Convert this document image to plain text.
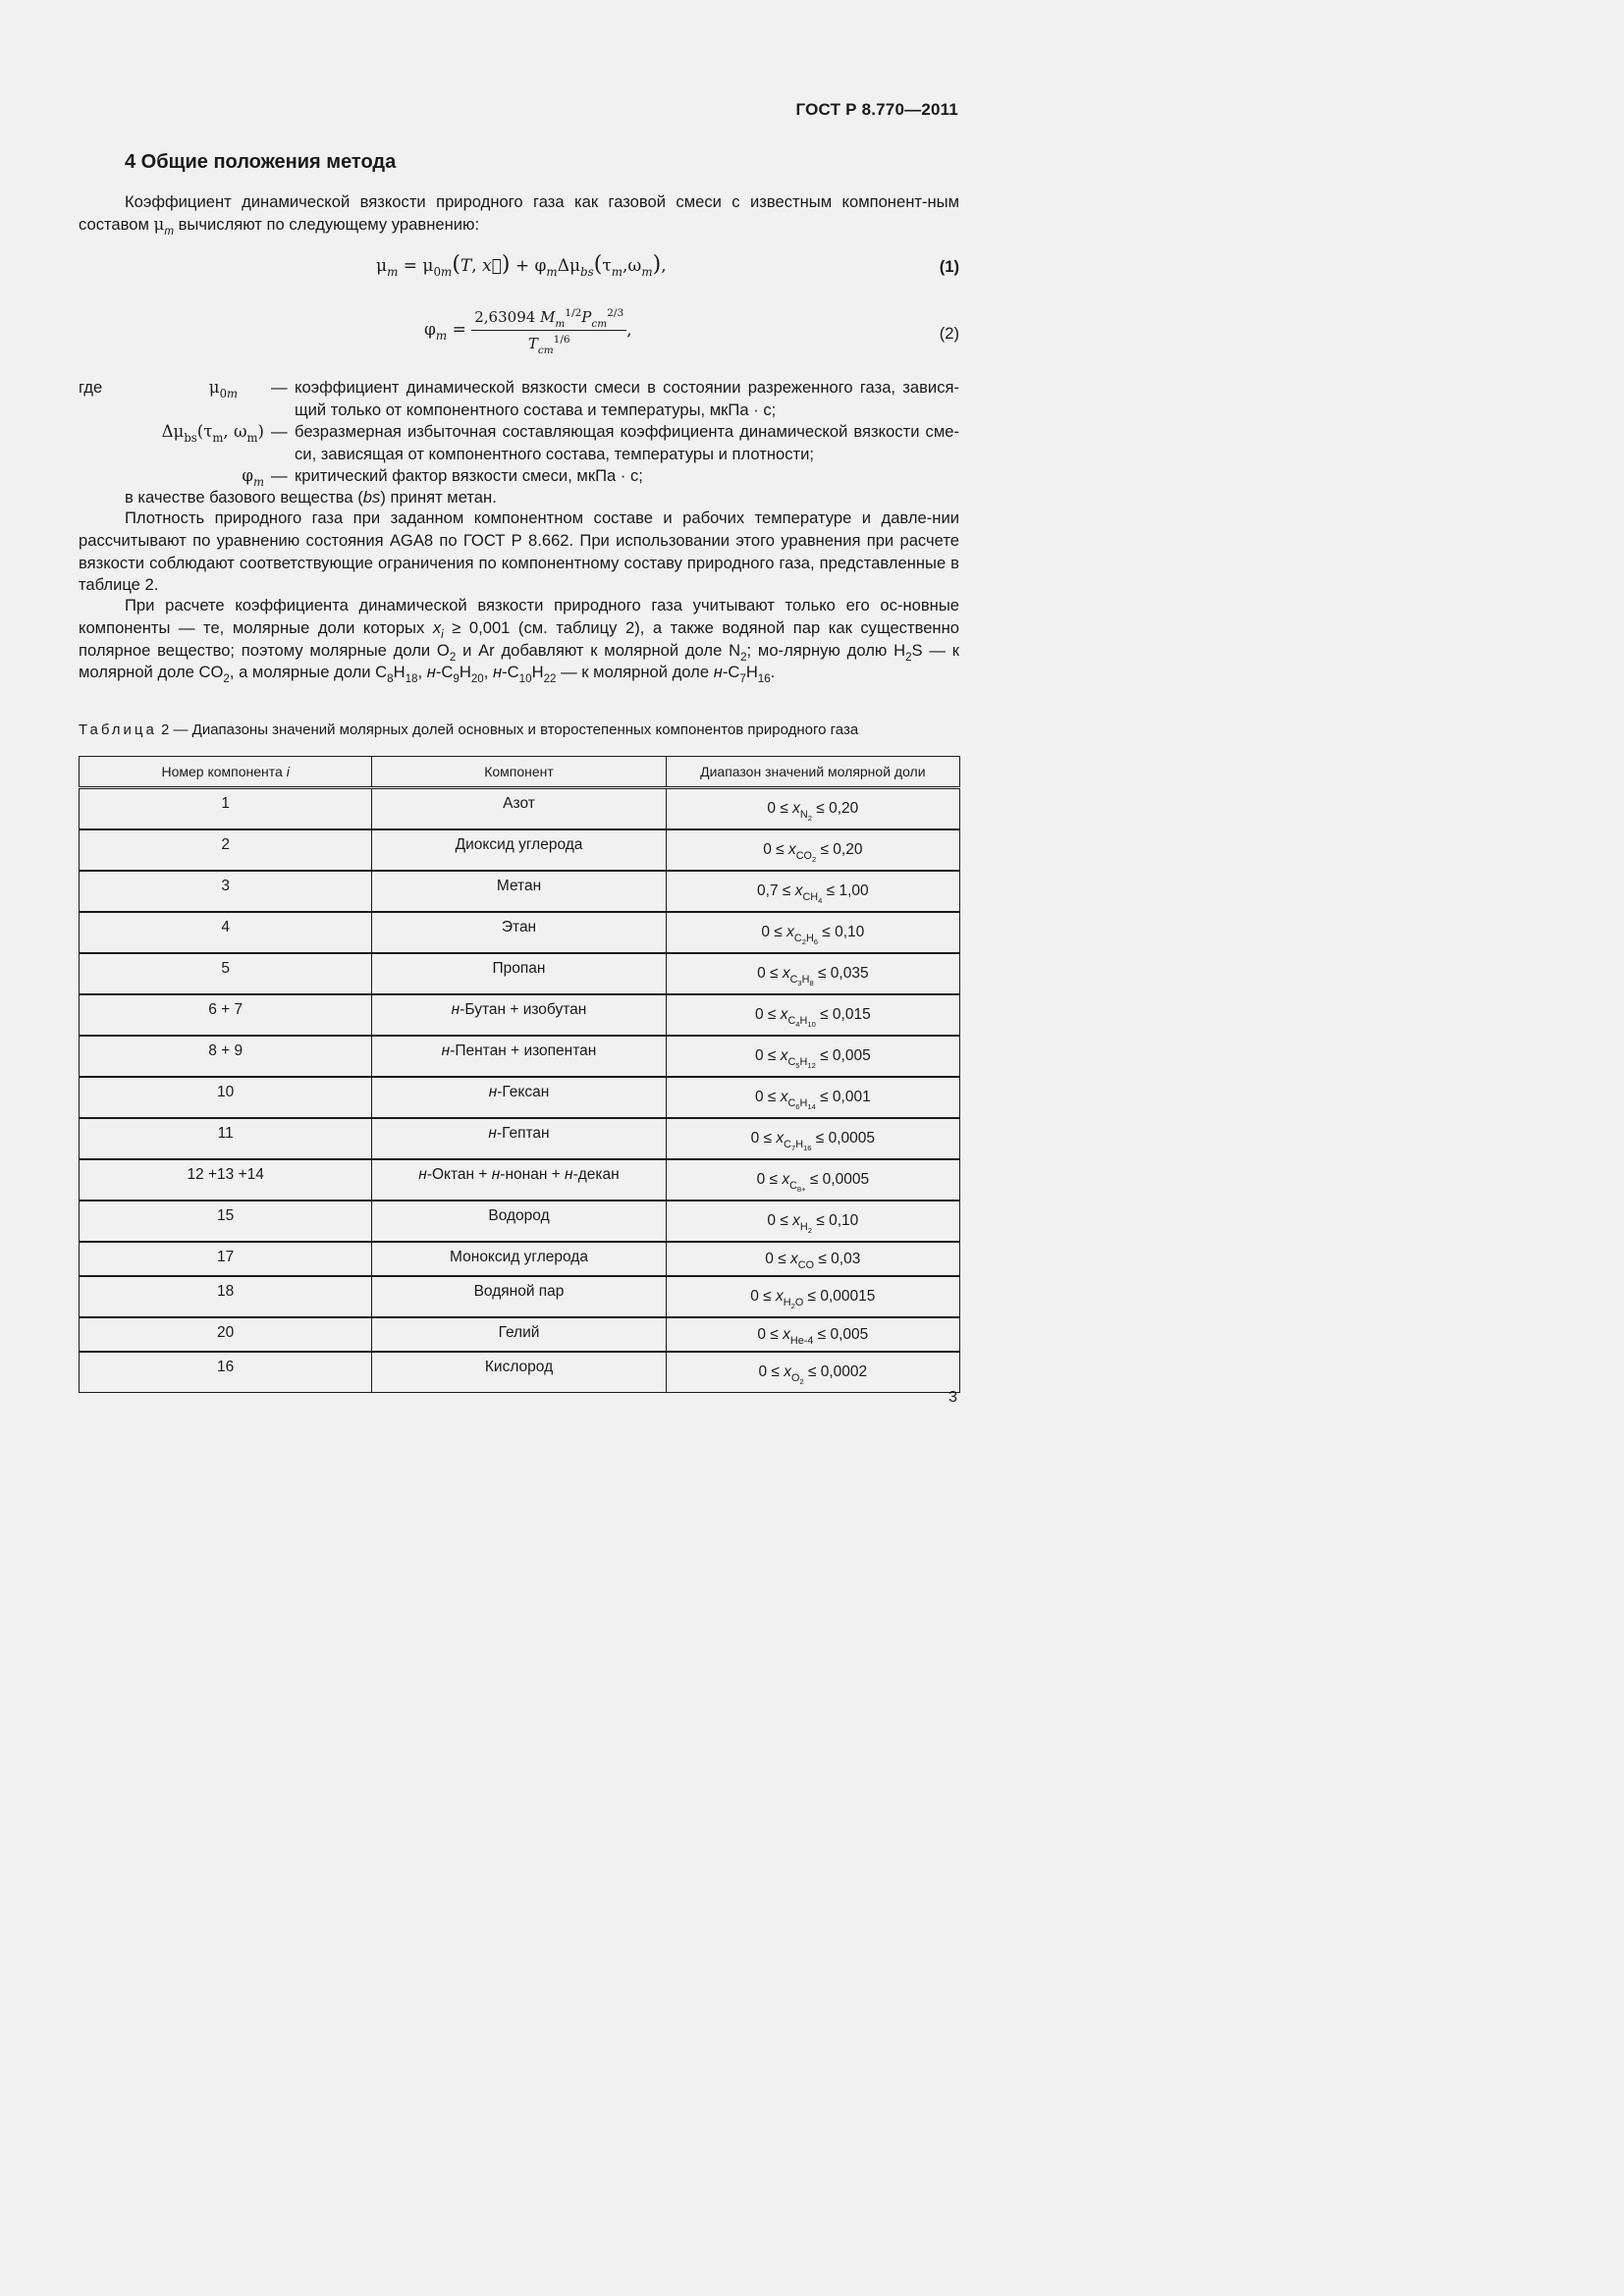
ГОСТ Р 8.770—2011
4 Общие положения метода
Коэффициент динамической вязкости природного газа как газовой смеси с известным компонент-ным составом $\mu_m$ вычисляют по следующему уравнению:
$\mu_m = \mu_{0m}(T$, x⃗) + $\varphi_m\Delta\mu_{bs}(\tau_m,\omega_m)$,	(1)
$\varphi_m = \frac{2,63094 M_m^{1/2}P_{cm}^{2/3}}{T_{cm}^{1/6}}$ ,	(2)
где	$\mu_{0m}$ — коэффициент динамической вязкости смеси в состоянии разреженного газа, завися-щий только от компонентного состава и температуры, мкПа · с;
$\Delta\mu_{bs}(\tau_m$, $\omega_m$) — безразмерная избыточная составляющая коэффициента динамической вязкости сме-си, зависящая от компонентного состава, температуры и плотности;
$\varphi_m$ — критический фактор вязкости смеси, мкПа · с;
в качестве базового вещества (bs) принят метан.
Плотность природного газа при заданном компонентном составе и рабочих температуре и давле-нии рассчитывают по уравнению состояния AGA8 по ГОСТ Р 8.662. При использовании этого уравнения при расчете вязкости соблюдают соответствующие ограничения по компонентному составу природного газа, представленные в таблице 2.
При расчете коэффициента динамической вязкости природного газа учитывают только его ос-новные компоненты — те, молярные доли которых $x_i \ge 0,001$ (см. таблицу 2), а также водяной пар как существенно полярное вещество; поэтому молярные доли $O_2$ и Ar добавляют к молярной доле $N_2$; мо-лярную долю $H_2S$ — к молярной доле $CO_2$, а молярные доли $C_8H_{18}$, $н-C_9H_{20}$, $н-C_{10}H_{22}$ — к молярной доле $н-C_7H_{16}$.
Таблица 2 — Диапазоны значений молярных долей основных и второстепенных компонентов природного газа
Номер компонента i	Компонент	Диапазон значений молярной доли
1	Азот	$0 \le x_{N_2} \le 0,20$
2	Диоксид углерода	$0 \le x_{CO_2} \le 0,20$
3	Метан	$0,7 \le x_{CH_4} \le 1,00$
4	Этан	$0 \le x_{C_2H_6} \le 0,10$
5	Пропан	$0 \le x_{C_3H_8} \le 0,035$
6 + 7	н-Бутан + изобутан	$0 \le x_{C_4H_{10}} \le 0,015$
8 + 9	н-Пентан + изопентан	$0 \le x_{C_5H_{12}} \le 0,005$
10	н-Гексан	$0 \le x_{C_6H_{14}} \le 0,001$
11	н-Гептан	$0 \le x_{C_7H_{16}} \le 0,0005$
12 +13 +14	н-Октан + н-нонан + н-декан	$0 \le x_{C_{8+}} \le 0,0005$
15	Водород	$0 \le x_{H_2} \le 0,10$
17	Моноксид углерода	$0 \le x_{CO} \le 0,03$
18	Водяной пар	$0 \le x_{H_2O} \le 0,00015$
20	Гелий	$0 \le x_{He-4} \le 0,005$
16	Кислород	$0 \le x_{O_2} \le 0,0002$
3
